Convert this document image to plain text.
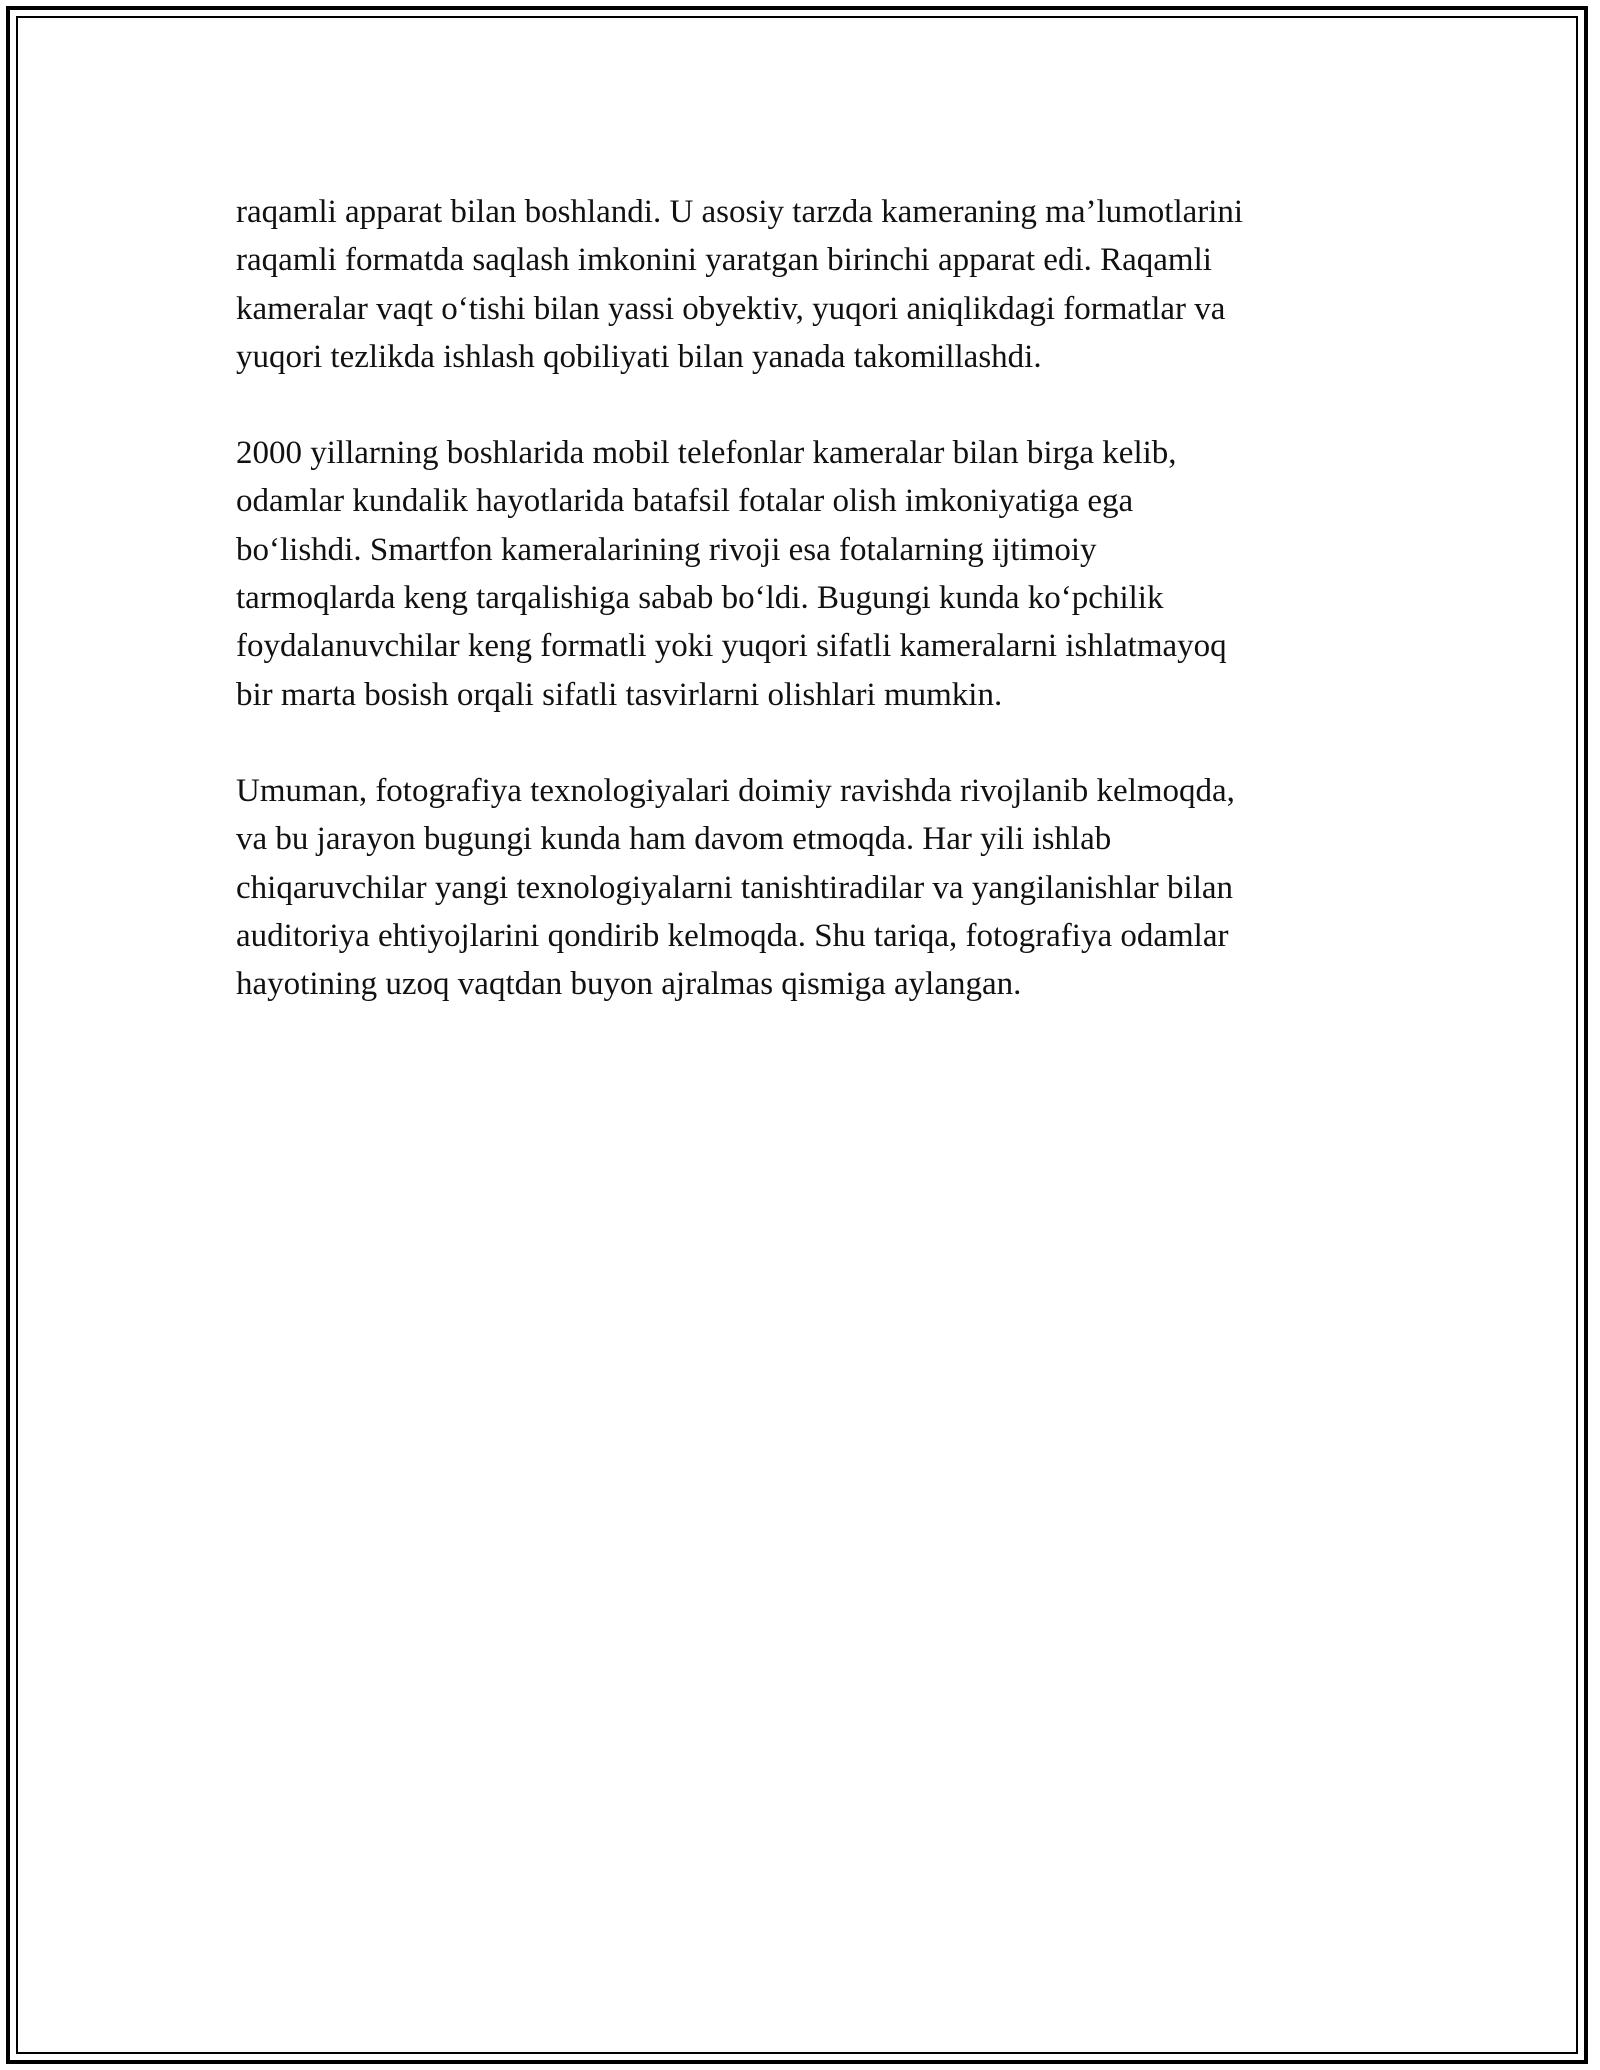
raqamli apparat bilan boshlandi. U asosiy tarzda kameraning ma’lumotlarini
raqamli formatda saqlash imkonini yaratgan birinchi apparat edi. Raqamli
kameralar vaqt o‘tishi bilan yassi obyektiv, yuqori aniqlikdagi formatlar va
yuqori tezlikda ishlash qobiliyati bilan yanada takomillashdi.

2000 yillarning boshlarida mobil telefonlar kameralar bilan birga kelib,
odamlar kundalik hayotlarida batafsil fotalar olish imkoniyatiga ega
bo‘lishdi. Smartfon kameralarining rivoji esa fotalarning ijtimoiy
tarmoqlarda keng tarqalishiga sabab bo‘ldi. Bugungi kunda ko‘pchilik
foydalanuvchilar keng formatli yoki yuqori sifatli kameralarni ishlatmayoq
bir marta bosish orqali sifatli tasvirlarni olishlari mumkin.

Umuman, fotografiya texnologiyalari doimiy ravishda rivojlanib kelmoqda,
va bu jarayon bugungi kunda ham davom etmoqda. Har yili ishlab
chiqaruvchilar yangi texnologiyalarni tanishtiradilar va yangilanishlar bilan
auditoriya ehtiyojlarini qondirib kelmoqda. Shu tariqa, fotografiya odamlar
hayotining uzoq vaqtdan buyon ajralmas qismiga aylangan.
